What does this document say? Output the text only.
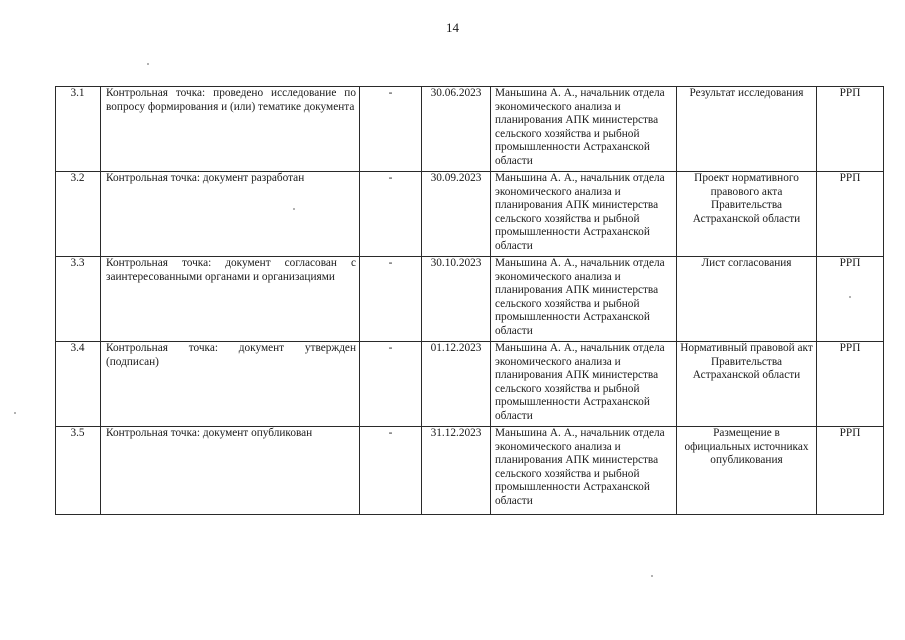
14
3.1	Контрольная точка: проведено исследование по вопросу формирования и (или) тематике документа	-	30.06.2023	Маньшина А. А., начальник отдела экономического анализа и планирования АПК министерства сельского хозяйства и рыбной промышленности Астраханской области	Результат исследования	РРП
3.2	Контрольная точка: документ разработан	-	30.09.2023	Маньшина А. А., начальник отдела экономического анализа и планирования АПК министерства сельского хозяйства и рыбной промышленности Астраханской области	Проект нормативного правового акта Правительства Астраханской области	РРП
3.3	Контрольная точка: документ согласован с заинтересованными органами и организациями	-	30.10.2023	Маньшина А. А., начальник отдела экономического анализа и планирования АПК министерства сельского хозяйства и рыбной промышленности Астраханской области	Лист согласования	РРП
3.4	Контрольная точка: документ утвержден (подписан)	-	01.12.2023	Маньшина А. А., начальник отдела экономического анализа и планирования АПК министерства сельского хозяйства и рыбной промышленности Астраханской области	Нормативный правовой акт Правительства Астраханской области	РРП
3.5	Контрольная точка: документ опубликован	-	31.12.2023	Маньшина А. А., начальник отдела экономического анализа и планирования АПК министерства сельского хозяйства и рыбной промышленности Астраханской области	Размещение в официальных источниках опубликования	РРП
